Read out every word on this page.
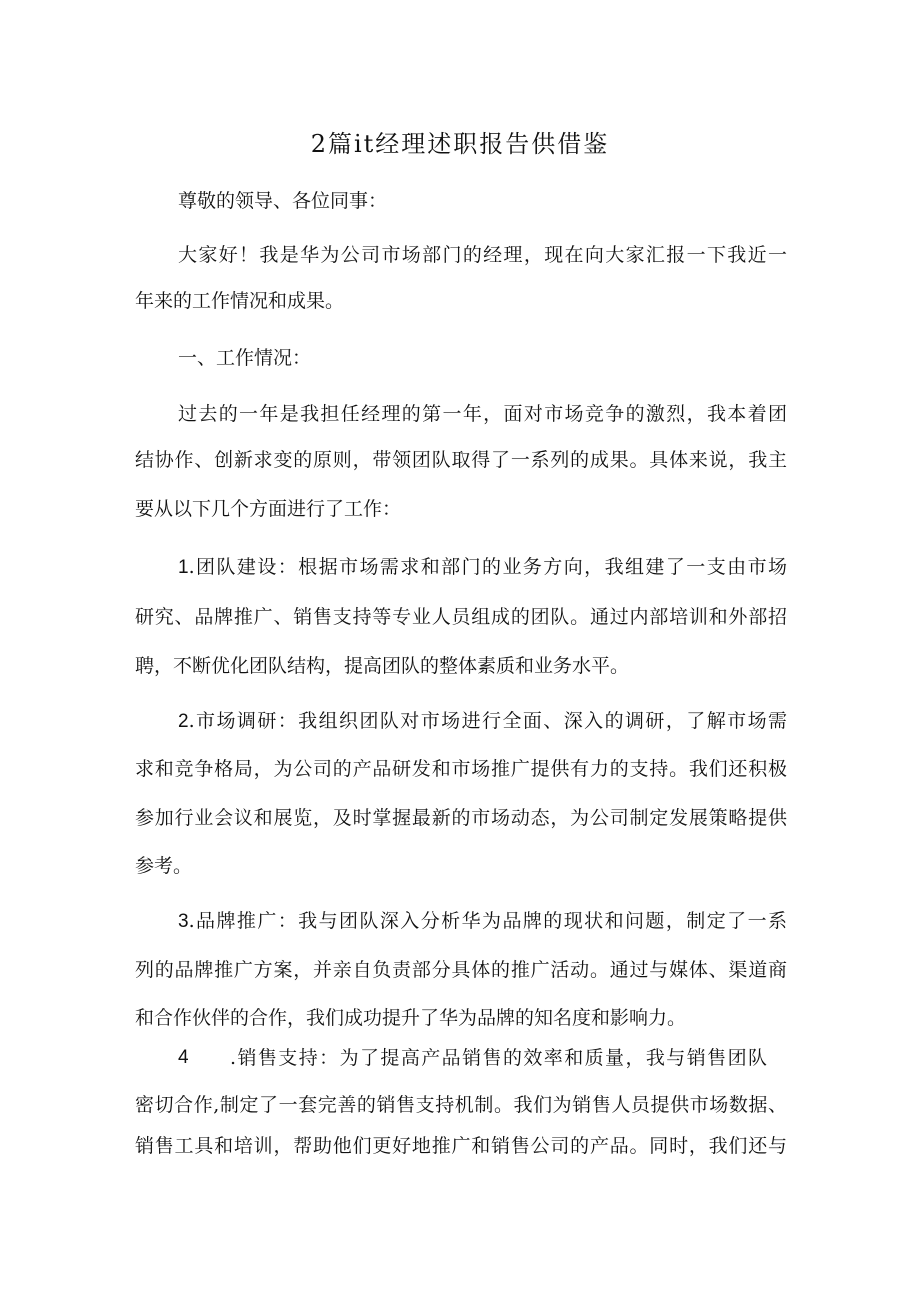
2篇it经理述职报告供借鉴
尊敬的领导、各位同事：
大家好！我是华为公司市场部门的经理，现在向大家汇报一下我近一
年来的工作情况和成果。
一、工作情况：
过去的一年是我担任经理的第一年，面对市场竞争的激烈，我本着团
结协作、创新求变的原则，带领团队取得了一系列的成果。具体来说，我主
要从以下几个方面进行了工作：
1.团队建设：根据市场需求和部门的业务方向，我组建了一支由市场
研究、品牌推广、销售支持等专业人员组成的团队。通过内部培训和外部招
聘，不断优化团队结构，提高团队的整体素质和业务水平。
2.市场调研：我组织团队对市场进行全面、深入的调研，了解市场需
求和竞争格局，为公司的产品研发和市场推广提供有力的支持。我们还积极
参加行业会议和展览，及时掌握最新的市场动态，为公司制定发展策略提供
参考。
3.品牌推广：我与团队深入分析华为品牌的现状和问题，制定了一系
列的品牌推广方案，并亲自负责部分具体的推广活动。通过与媒体、渠道商
和合作伙伴的合作，我们成功提升了华为品牌的知名度和影响力。
4 .销售支持：为了提高产品销售的效率和质量，我与销售团队
密切合作,制定了一套完善的销售支持机制。我们为销售人员提供市场数据、
销售工具和培训，帮助他们更好地推广和销售公司的产品。同时，我们还与
